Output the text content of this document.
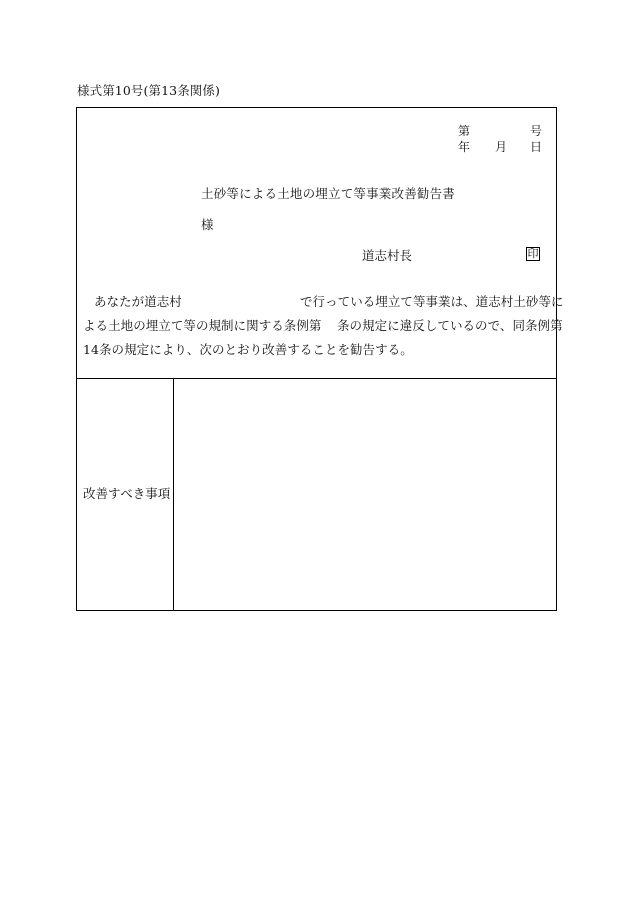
様式第10号(第13条関係)
第	号
年 月 日
土砂等による土地の埋立て等事業改善勧告書
様
道志村長	印
あなたが道志村	で行っている埋立て等事業は、道志村土砂等に
よる土地の埋立て等の規制に関する条例第 条の規定に違反しているので、同条例第
14条の規定により、次のとおり改善することを勧告する。
改善すべき事項
